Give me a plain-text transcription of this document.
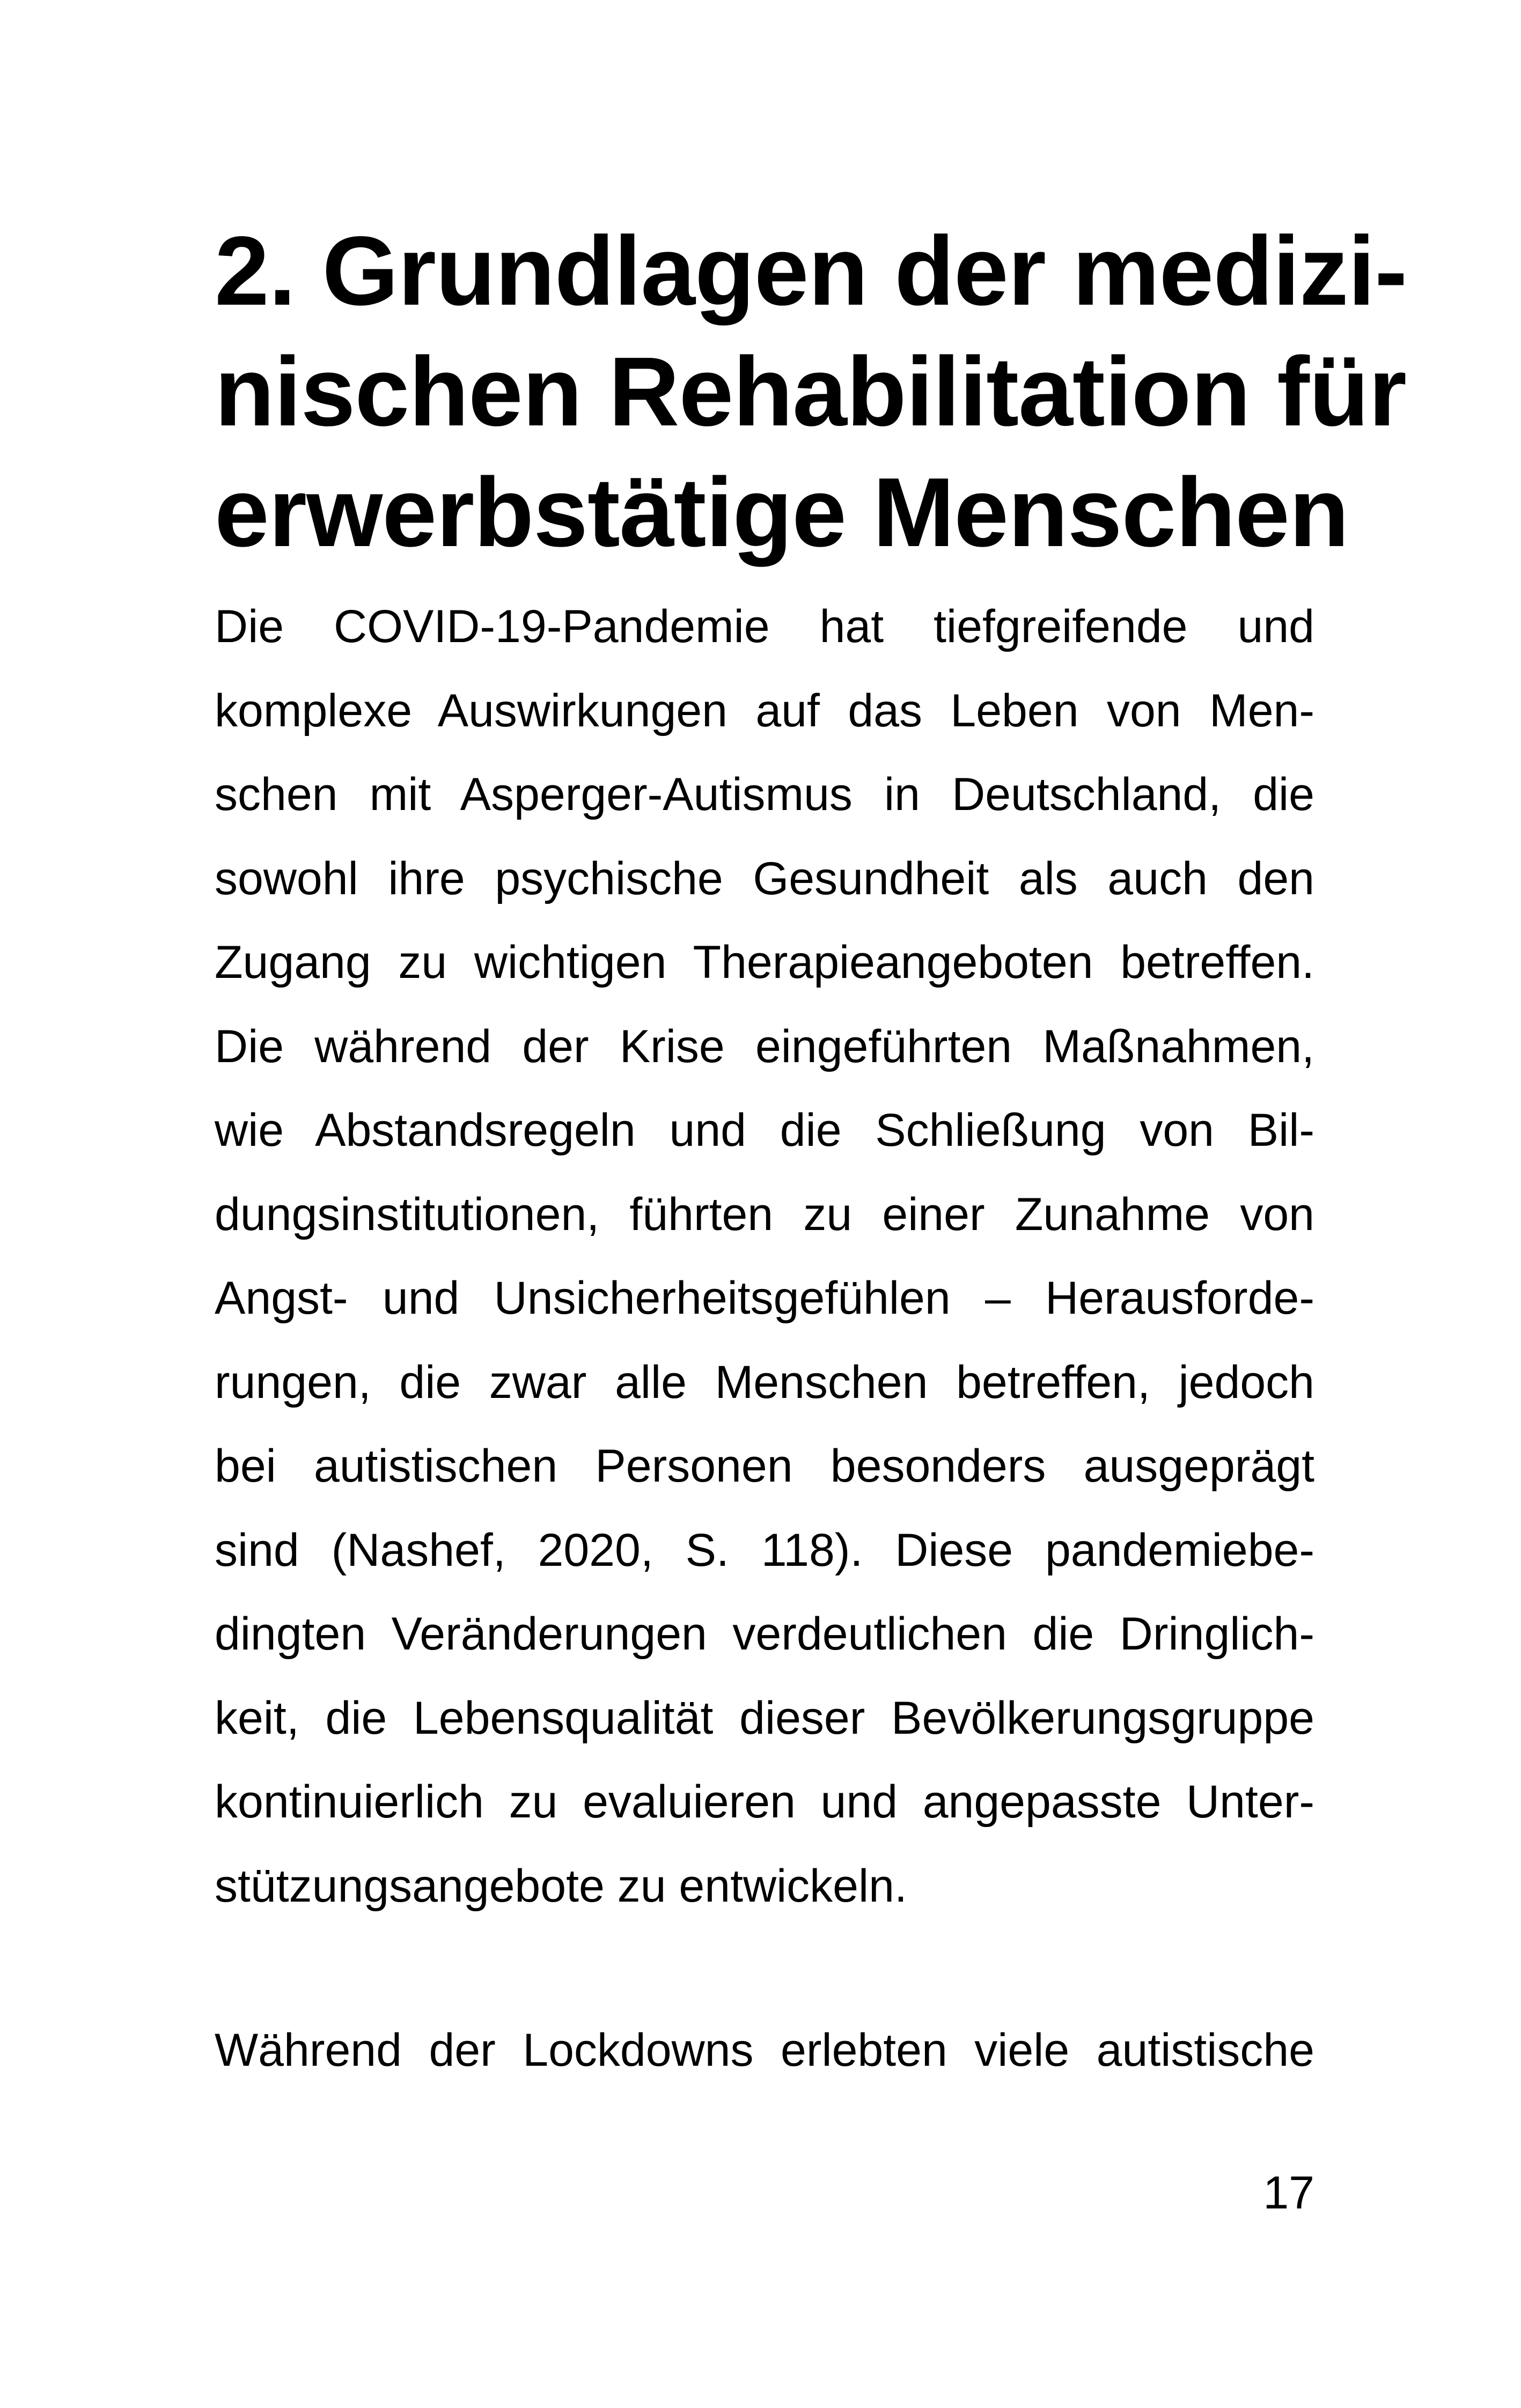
2. Grundlagen der medizi-
nischen Rehabilitation für
erwerbstätige Menschen
Die COVID-19-Pandemie hat tiefgreifende und
komplexe Auswirkungen auf das Leben von Men-
schen mit Asperger-Autismus in Deutschland, die
sowohl ihre psychische Gesundheit als auch den
Zugang zu wichtigen Therapieangeboten betreffen.
Die während der Krise eingeführten Maßnahmen,
wie Abstandsregeln und die Schließung von Bil-
dungsinstitutionen, führten zu einer Zunahme von
Angst- und Unsicherheitsgefühlen – Herausforde-
rungen, die zwar alle Menschen betreffen, jedoch
bei autistischen Personen besonders ausgeprägt
sind (Nashef, 2020, S. 118). Diese pandemiebe-
dingten Veränderungen verdeutlichen die Dringlich-
keit, die Lebensqualität dieser Bevölkerungsgruppe
kontinuierlich zu evaluieren und angepasste Unter-
stützungsangebote zu entwickeln.
Während der Lockdowns erlebten viele autistische
17
